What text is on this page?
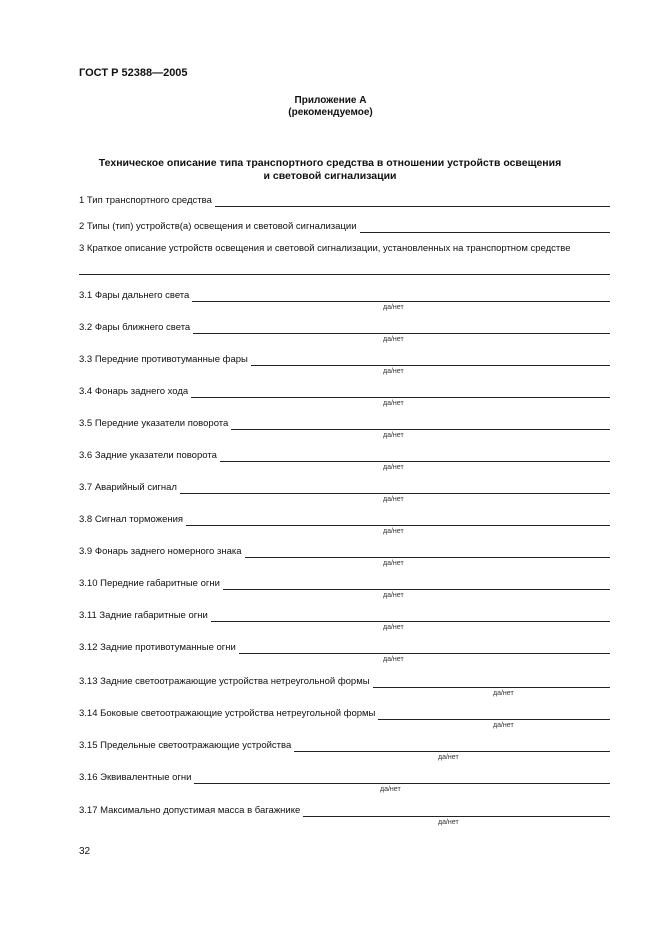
ГОСТ Р 52388—2005
Приложение А
(рекомендуемое)
Техническое описание типа транспортного средства в отношении устройств освещения
и световой сигнализации
1 Тип транспортного средства
2 Типы (тип) устройств(а) освещения и световой сигнализации
3 Краткое описание устройств освещения и световой сигнализации, установленных на транспортном средстве
3.1 Фары дальнего света
да/нет
3.2 Фары ближнего света
да/нет
3.3 Передние противотуманные фары
да/нет
3.4 Фонарь заднего хода
да/нет
3.5 Передние указатели поворота
да/нет
3.6 Задние указатели поворота
да/нет
3.7 Аварийный сигнал
да/нет
3.8 Сигнал торможения
да/нет
3.9 Фонарь заднего номерного знака
да/нет
3.10 Передние габаритные огни
да/нет
3.11 Задние габаритные огни
да/нет
3.12 Задние противотуманные огни
да/нет
3.13 Задние светоотражающие устройства нетреугольной формы
да/нет
3.14 Боковые светоотражающие устройства нетреугольной формы
да/нет
3.15 Предельные светоотражающие устройства
да/нет
3.16 Эквивалентные огни
да/нет
3.17 Максимально допустимая масса в багажнике
да/нет
32
